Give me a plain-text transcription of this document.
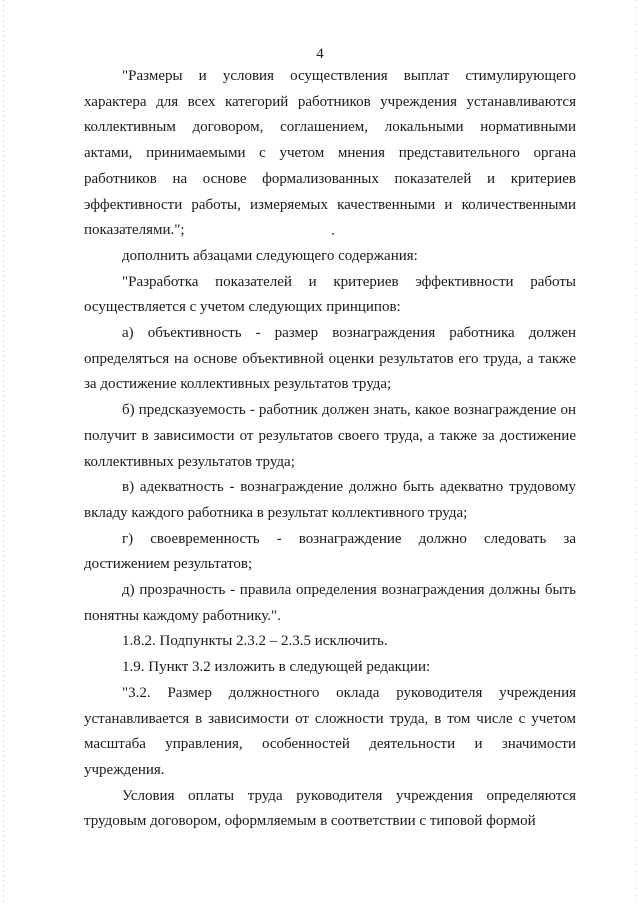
4

"Размеры и условия осуществления выплат стимулирующего характера для всех категорий работников учреждения устанавливаются коллективным договором, соглашением, локальными нормативными актами, принимаемыми с учетом мнения представительного органа работников на основе формализованных показателей и критериев эффективности работы, измеряемых качественными и количественными показателями.";

дополнить абзацами следующего содержания:

"Разработка показателей и критериев эффективности работы осуществляется с учетом следующих принципов:

а) объективность - размер вознаграждения работника должен определяться на основе объективной оценки результатов его труда, а также за достижение коллективных результатов труда;

б) предсказуемость - работник должен знать, какое вознаграждение он получит в зависимости от результатов своего труда, а также за достижение коллективных результатов труда;

в) адекватность - вознаграждение должно быть адекватно трудовому вкладу каждого работника в результат коллективного труда;

г) своевременность - вознаграждение должно следовать за достижением результатов;

д) прозрачность - правила определения вознаграждения должны быть понятны каждому работнику.".

1.8.2. Подпункты 2.3.2 – 2.3.5 исключить.

1.9. Пункт 3.2 изложить в следующей редакции:

"3.2. Размер должностного оклада руководителя учреждения устанавливается в зависимости от сложности труда, в том числе с учетом масштаба управления, особенностей деятельности и значимости учреждения.

Условия оплаты труда руководителя учреждения определяются трудовым договором, оформляемым в соответствии с типовой формой
